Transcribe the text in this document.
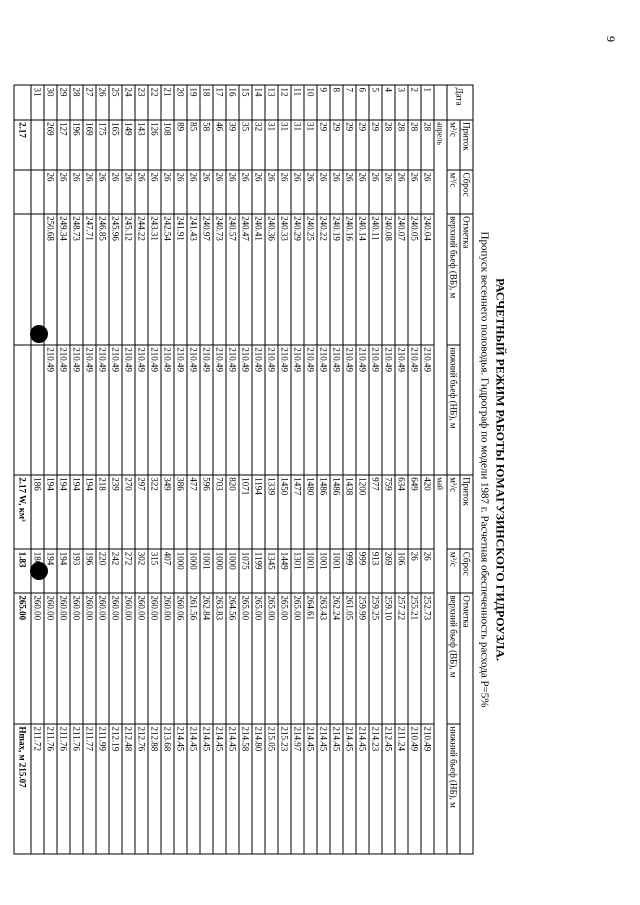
9
РАСЧЕТНЫЙ РЕЖИМ РАБОТЫ ЮМАГУЗИНСКОГО ГИДРОУЗЛА.
Пропуск весеннего половодья. Гидрограф по модели 1987 г. Расчетная обеспеченность расхода P=5%
Дата	Приток	Сброс	Отметка		Приток	Сброс	Отметка	
	м³/с	м³/с	верхний бьеф (ВБ), м	нижний бьеф (НБ), м	м³/с	м³/с	верхний бьеф (ВБ), м	нижний бьеф (НБ), м
	апрель				май			
1	28	26	240.04	210.49	420	26	252.73	210.49
2	28	26	240.05	210.49	649	26	255.21	210.49
3	28	26	240.07	210.49	634	106	257.22	211.24
4	28	26	240.08	210.49	759	269	259.10	212.45
5	29	26	240.11	210.49	977	913	259.25	214.23
6	29	26	240.14	210.49	1200	999	259.99	214.45
7	29	26	240.16	210.49	1438	999	261.05	214.45
8	29	26	240.19	210.49	1486	1001	262.24	214.45
9	29	26	240.22	210.49	1486	1001	263.43	214.45
10	31	26	240.25	210.49	1480	1001	264.61	214.45
11	31	26	240.29	210.49	1477	1301	265.00	214.97
12	31	26	240.33	210.49	1450	1449	265.00	215.23
13	31	26	240.36	210.49	1339	1345	265.00	215.05
14	32	26	240.41	210.49	1194	1199	265.00	214.80
15	35	26	240.47	210.49	1071	1075	265.00	214.58
16	39	26	240.57	210.49	820	1000	264.56	214.45
17	46	26	240.73	210.49	703	1000	263.83	214.45
18	58	26	240.97	210.49	596	1001	262.84	214.45
19	85	26	241.43	210.49	477	1000	261.56	214.45
20	89	26	241.91	210.49	386	1000	260.06	214.45
21	108	26	242.54	210.49	349	407	260.00	213.68
22	126	26	243.31	210.49	322	315	260.00	212.88
23	143	26	244.22	210.49	297	302	260.00	212.76
24	149	26	245.12	210.49	270	272	260.00	212.48
25	165	26	245.96	210.49	239	242	260.00	212.19
26	175	26	246.85	210.49	218	220	260.00	211.99
27	169	26	247.71	210.49	194	196	260.00	211.77
28	196	26	248.73	210.49	194	193	260.00	211.76
29	127	26	249.34	210.49	194	194	260.00	211.76
30	269	26	250.68	210.49	194	194	260.00	211.76
31					186	186	260.00	211.72
	2.17				2.17 W, км³	1.83	265.00	Нmax, м 215.07
